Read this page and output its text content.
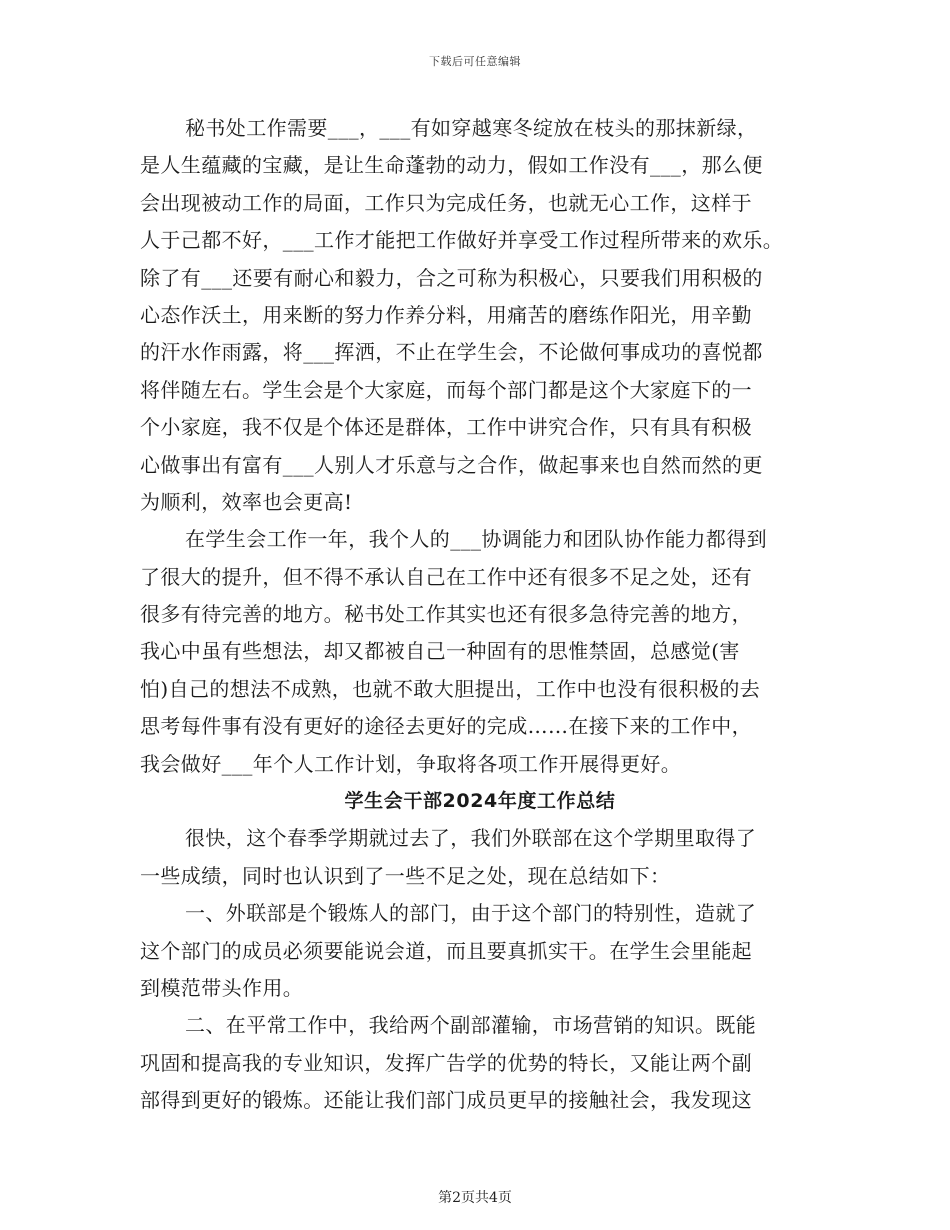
下载后可任意编辑
秘书处工作需要___，___有如穿越寒冬绽放在枝头的那抹新绿，
是人生蕴藏的宝藏，是让生命蓬勃的动力，假如工作没有___，那么便
会出现被动工作的局面，工作只为完成任务，也就无心工作，这样于
人于己都不好，___工作才能把工作做好并享受工作过程所带来的欢乐。
除了有___还要有耐心和毅力，合之可称为积极心，只要我们用积极的
心态作沃土，用来断的努力作养分料，用痛苦的磨练作阳光，用辛勤
的汗水作雨露，将___挥洒，不止在学生会，不论做何事成功的喜悦都
将伴随左右。学生会是个大家庭，而每个部门都是这个大家庭下的一
个小家庭，我不仅是个体还是群体，工作中讲究合作，只有具有积极
心做事出有富有___人别人才乐意与之合作，做起事来也自然而然的更
为顺利，效率也会更高!
在学生会工作一年，我个人的___协调能力和团队协作能力都得到
了很大的提升，但不得不承认自己在工作中还有很多不足之处，还有
很多有待完善的地方。秘书处工作其实也还有很多急待完善的地方，
我心中虽有些想法，却又都被自己一种固有的思惟禁固，总感觉(害
怕)自己的想法不成熟，也就不敢大胆提出，工作中也没有很积极的去
思考每件事有没有更好的途径去更好的完成……在接下来的工作中，
我会做好___年个人工作计划，争取将各项工作开展得更好。
学生会干部2024年度工作总结
很快，这个春季学期就过去了，我们外联部在这个学期里取得了
一些成绩，同时也认识到了一些不足之处，现在总结如下：
一、外联部是个锻炼人的部门，由于这个部门的特别性，造就了
这个部门的成员必须要能说会道，而且要真抓实干。在学生会里能起
到模范带头作用。
二、在平常工作中，我给两个副部灌输，市场营销的知识。既能
巩固和提高我的专业知识，发挥广告学的优势的特长，又能让两个副
部得到更好的锻炼。还能让我们部门成员更早的接触社会，我发现这
第2页共4页
